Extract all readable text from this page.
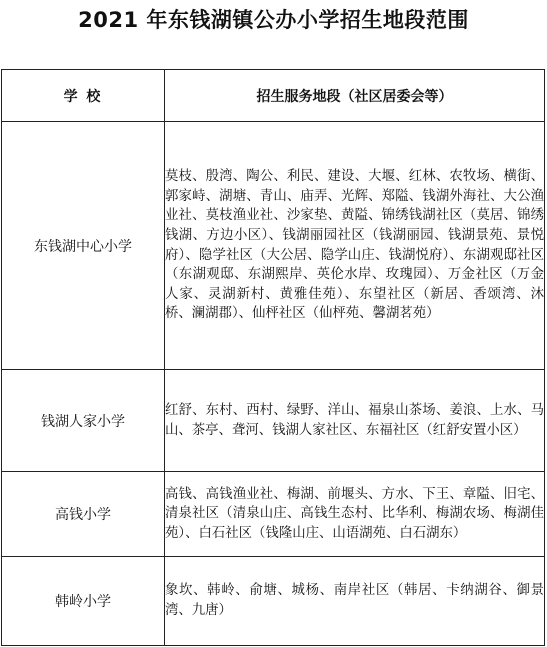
2021 年东钱湖镇公办小学招生地段范围
学 校	招生服务地段（社区居委会等）
东钱湖中心小学	莫枝、殷湾、陶公、利民、建设、大堰、红林、农牧场、横街、郭家峙、湖塘、青山、庙弄、光辉、郑隘、钱湖外海社、大公渔业社、莫枝渔业社、沙家垫、黄隘、锦绣钱湖社区（莫居、锦绣钱湖、方边小区）、钱湖丽园社区（钱湖丽园、钱湖景苑、景悦府）、隐学社区（大公居、隐学山庄、钱湖悦府）、东湖观邸社区（东湖观邸、东湖熙岸、英伦水岸、玫瑰园）、万金社区（万金人家、灵湖新村、黄雅佳苑）、东望社区（新居、香颂湾、沐桥、澜湖郡）、仙枰社区（仙枰苑、馨湖茗苑）
钱湖人家小学	红舒、东村、西村、绿野、洋山、福泉山茶场、姜浪、上水、马山、茶亭、聋河、钱湖人家社区、东福社区（红舒安置小区）
高钱小学	高钱、高钱渔业社、梅湖、前堰头、方水、下王、章隘、旧宅、清泉社区（清泉山庄、高钱生态村、比华利、梅湖农场、梅湖佳苑）、白石社区（钱隆山庄、山语湖苑、白石湖东）
韩岭小学	象坎、韩岭、俞塘、城杨、南岸社区（韩居、卡纳湖谷、御景湾、九唐）
